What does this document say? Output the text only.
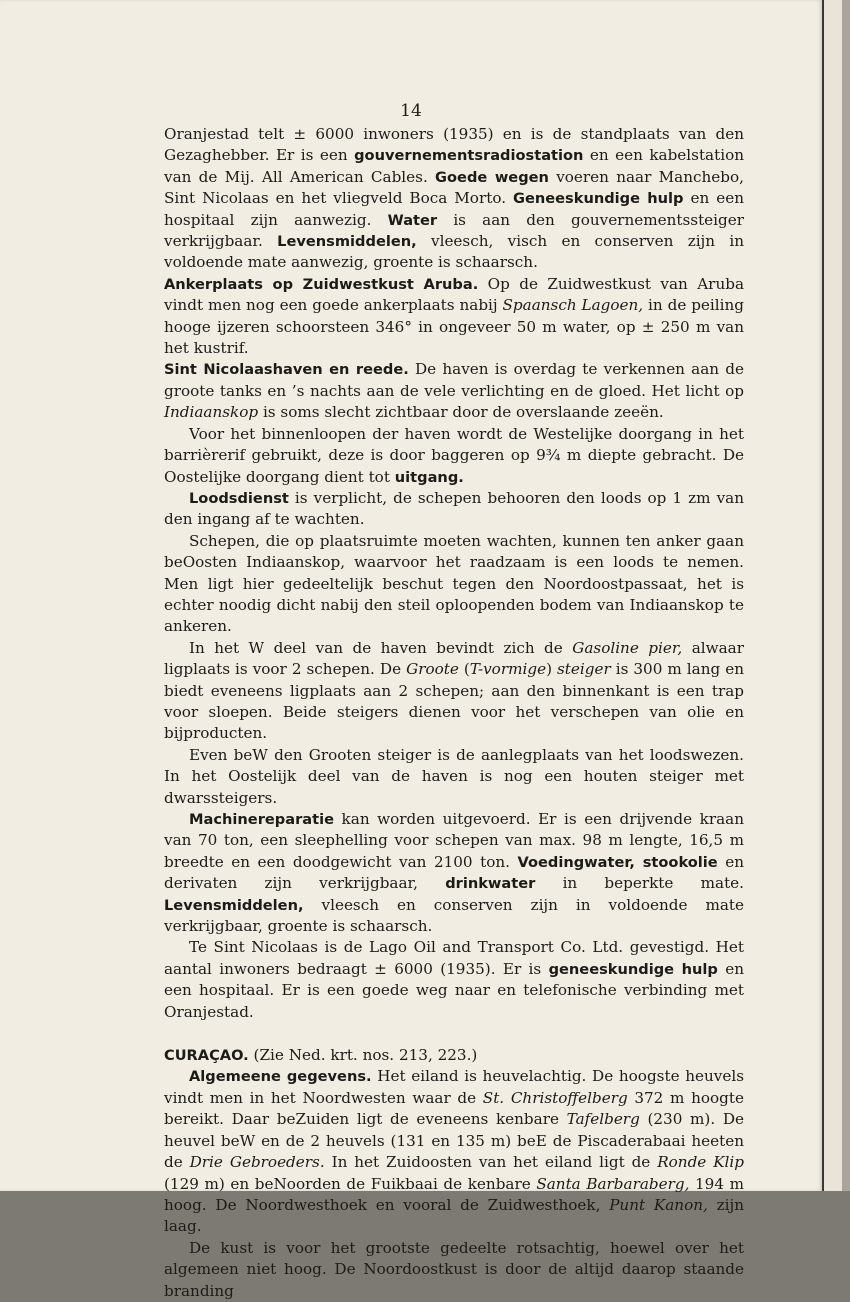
14

Oranjestad telt ± 6000 inwoners (1935) en is de standplaats van den Gezaghebber. Er is een gouvernementsradiostation en een kabelstation van de Mij. All American Cables. Goede wegen voeren naar Manchebo, Sint Nicolaas en het vliegveld Boca Morto. Geneeskundige hulp en een hospitaal zijn aanwezig. Water is aan den gouvernementssteiger verkrijgbaar. Levensmiddelen, vleesch, visch en conserven zijn in voldoende mate aanwezig, groente is schaarsch.

Ankerplaats op Zuidwestkust Aruba. Op de Zuidwestkust van Aruba vindt men nog een goede ankerplaats nabij Spaansch Lagoen, in de peiling hooge ijzeren schoorsteen 346° in ongeveer 50 m water, op ± 250 m van het kustrif.

Sint Nicolaashaven en reede. De haven is overdag te verkennen aan de groote tanks en ’s nachts aan de vele verlichting en de gloed. Het licht op Indiaanskop is soms slecht zichtbaar door de overslaande zeeën.

Voor het binnenloopen der haven wordt de Westelijke doorgang in het barrièrerif gebruikt, deze is door baggeren op 9¾ m diepte gebracht. De Oostelijke doorgang dient tot uitgang.

Loodsdienst is verplicht, de schepen behooren den loods op 1 zm van den ingang af te wachten.

Schepen, die op plaatsruimte moeten wachten, kunnen ten anker gaan beOosten Indiaanskop, waarvoor het raadzaam is een loods te nemen. Men ligt hier gedeeltelijk beschut tegen den Noordoostpassaat, het is echter noodig dicht nabij den steil oploopenden bodem van Indiaanskop te ankeren.

In het W deel van de haven bevindt zich de Gasoline pier, alwaar ligplaats is voor 2 schepen. De Groote (T-vormige) steiger is 300 m lang en biedt eveneens ligplaats aan 2 schepen; aan den binnenkant is een trap voor sloepen. Beide steigers dienen voor het verschepen van olie en bijproducten.

Even beW den Grooten steiger is de aanlegplaats van het loodswezen. In het Oostelijk deel van de haven is nog een houten steiger met dwarssteigers.

Machinereparatie kan worden uitgevoerd. Er is een drijvende kraan van 70 ton, een sleephelling voor schepen van max. 98 m lengte, 16,5 m breedte en een doodgewicht van 2100 ton. Voedingwater, stookolie en derivaten zijn verkrijgbaar, drinkwater in beperkte mate. Levensmiddelen, vleesch en conserven zijn in voldoende mate verkrijgbaar, groente is schaarsch.

Te Sint Nicolaas is de Lago Oil and Transport Co. Ltd. gevestigd. Het aantal inwoners bedraagt ± 6000 (1935). Er is geneeskundige hulp en een hospitaal. Er is een goede weg naar en telefonische verbinding met Oranjestad.

CURAÇAO. (Zie Ned. krt. nos. 213, 223.)

Algemeene gegevens. Het eiland is heuvelachtig. De hoogste heuvels vindt men in het Noordwesten waar de St. Christoffelberg 372 m hoogte bereikt. Daar beZuiden ligt de eveneens kenbare Tafelberg (230 m). De heuvel beW en de 2 heuvels (131 en 135 m) beE de Piscaderabaai heeten de Drie Gebroeders. In het Zuidoosten van het eiland ligt de Ronde Klip (129 m) en beNoorden de Fuikbaai de kenbare Santa Barbaraberg, 194 m hoog. De Noordwesthoek en vooral de Zuidwesthoek, Punt Kanon, zijn laag.

De kust is voor het grootste gedeelte rotsachtig, hoewel over het algemeen niet hoog. De Noordoostkust is door de altijd daarop staande branding
